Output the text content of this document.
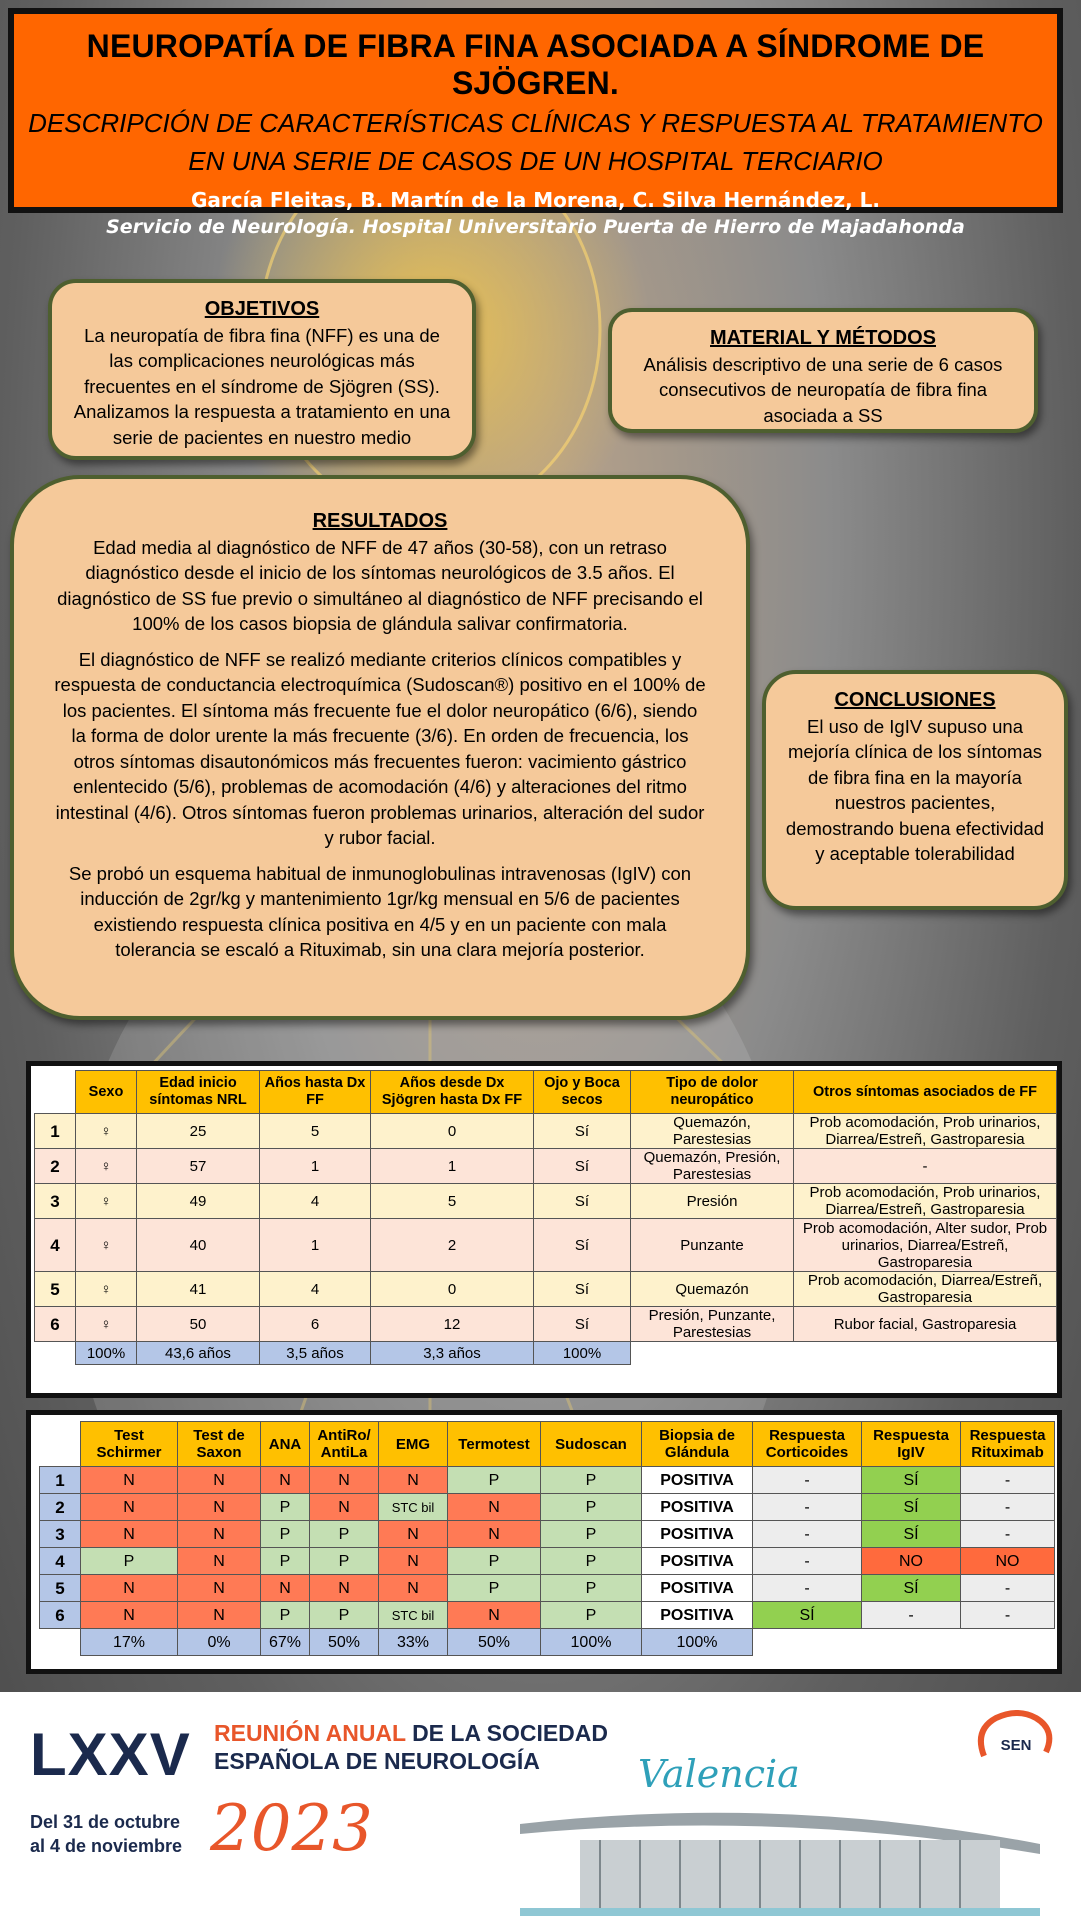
NEUROPATÍA DE FIBRA FINA ASOCIADA A SÍNDROME DE SJÖGREN.
DESCRIPCIÓN DE CARACTERÍSTICAS CLÍNICAS Y RESPUESTA AL TRATAMIENTO EN UNA SERIE DE CASOS DE UN HOSPITAL TERCIARIO
García Fleitas, B. Martín de la Morena, C. Silva Hernández, L.
Servicio de Neurología. Hospital Universitario Puerta de Hierro de Majadahonda
OBJETIVOS

La neuropatía de fibra fina (NFF) es una de las complicaciones neurológicas más frecuentes en el síndrome de Sjögren (SS). Analizamos la respuesta a tratamiento en una serie de pacientes en nuestro medio

MATERIAL Y MÉTODOS

Análisis descriptivo de una serie de 6 casos consecutivos de neuropatía de fibra fina asociada a SS

RESULTADOS

Edad media al diagnóstico de NFF de 47 años (30-58), con un retraso diagnóstico desde el inicio de los síntomas neurológicos de 3.5 años. El diagnóstico de SS fue previo o simultáneo al diagnóstico de NFF precisando el 100% de los casos biopsia de glándula salivar confirmatoria.

El diagnóstico de NFF se realizó mediante criterios clínicos compatibles y respuesta de conductancia electroquímica (Sudoscan®) positivo en el 100% de los pacientes. El síntoma más frecuente fue el dolor neuropático (6/6), siendo la forma de dolor urente la más frecuente (3/6). En orden de frecuencia, los otros síntomas disautonómicos más frecuentes fueron: vacimiento gástrico enlentecido (5/6), problemas de acomodación (4/6) y alteraciones del ritmo intestinal (4/6). Otros síntomas fueron problemas urinarios, alteración del sudor y rubor facial.

Se probó un esquema habitual de inmunoglobulinas intravenosas (IgIV) con inducción de 2gr/kg y mantenimiento 1gr/kg mensual en 5/6 de pacientes existiendo respuesta clínica positiva en 4/5 y en un paciente con mala tolerancia se escaló a Rituximab, sin una clara mejoría posterior.

CONCLUSIONES

El uso de IgIV supuso una mejoría clínica de los síntomas de fibra fina en la mayoría nuestros pacientes, demostrando buena efectividad y aceptable tolerabilidad

	Sexo	Edad inicio síntomas NRL	Años hasta Dx FF	Años desde Dx Sjögren hasta Dx FF	Ojo y Boca secos	Tipo de dolor neuropático	Otros síntomas asociados de FF
1	♀	25	5	0	Sí	Quemazón, Parestesias	Prob acomodación, Prob urinarios, Diarrea/Estreñ, Gastroparesia
2	♀	57	1	1	Sí	Quemazón, Presión, Parestesias	-
3	♀	49	4	5	Sí	Presión	Prob acomodación, Prob urinarios, Diarrea/Estreñ, Gastroparesia
4	♀	40	1	2	Sí	Punzante	Prob acomodación, Alter sudor, Prob urinarios, Diarrea/Estreñ, Gastroparesia
5	♀	41	4	0	Sí	Quemazón	Prob acomodación, Diarrea/Estreñ, Gastroparesia
6	♀	50	6	12	Sí	Presión, Punzante, Parestesias	Rubor facial, Gastroparesia
	100%	43,6 años	3,5 años	3,3 años	100%		
	Test Schirmer	Test de Saxon	ANA	AntiRo/ AntiLa	EMG	Termotest	Sudoscan	Biopsia de Glándula	Respuesta Corticoides	Respuesta IgIV	Respuesta Rituximab
1	N	N	N	N	N	P	P	POSITIVA	-	SÍ	-
2	N	N	P	N	STC bil	N	P	POSITIVA	-	SÍ	-
3	N	N	P	P	N	N	P	POSITIVA	-	SÍ	-
4	P	N	P	P	N	P	P	POSITIVA	-	NO	NO
5	N	N	N	N	N	P	P	POSITIVA	-	SÍ	-
6	N	N	P	P	STC bil	N	P	POSITIVA	SÍ	-	-
	17%	0%	67%	50%	33%	50%	100%	100%			
LXXV REUNIÓN ANUAL DE LA SOCIEDAD
ESPAÑOLA DE NEUROLOGÍA
Del 31 de octubre
al 4 de noviembre 2023
Valencia
SEN
